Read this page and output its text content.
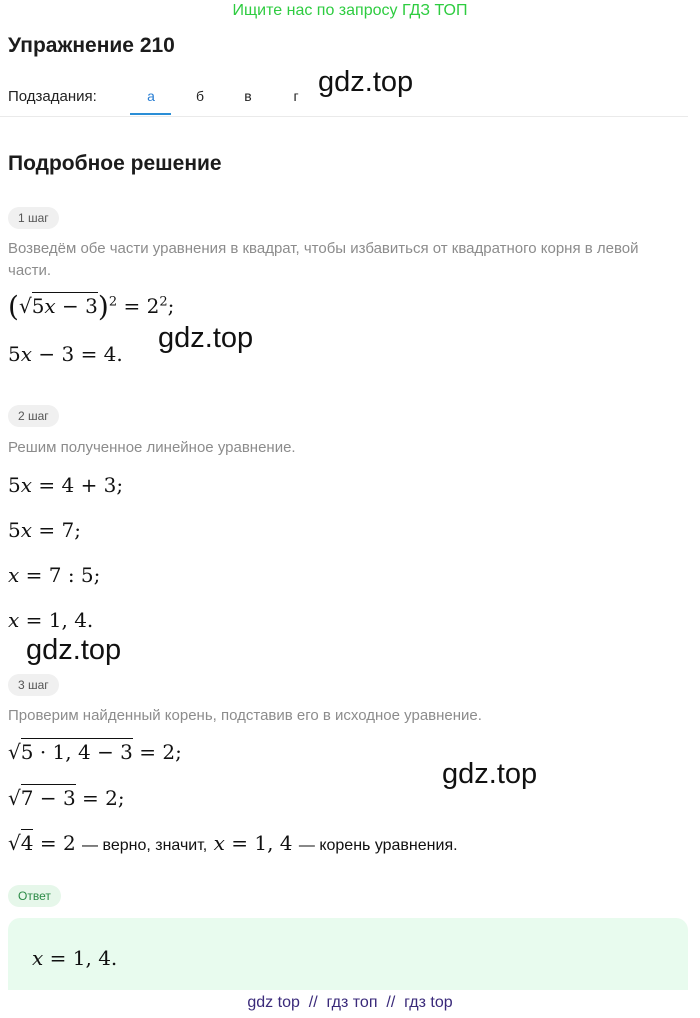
Ищите нас по запросу ГДЗ ТОП
Упражнение 210
Подзадания:	а	б	в	г gdz.top
gdz.top
gdz.top
gdz.top
Подробное решение
1 шаг
Возведём обе части уравнения в квадрат, чтобы избавиться от квадратного корня в левой части.
$(√5x - 3)^2 = 2^2$;
5x − 3 = 4.
2 шаг
Решим полученное линейное уравнение.
5x = 4 + 3;
5x = 7;
x = 7 : 5;
x = 1, 4.
3 шаг
Проверим найденный корень, подставив его в исходное уравнение.
√5 · 1, 4 − 3 = 2;
√7 − 3 = 2;
√4 = 2 — верно, значит, x = 1, 4 — корень уравнения.
Ответ
x = 1, 4.
gdz top  //  гдз топ  //  гдз top
